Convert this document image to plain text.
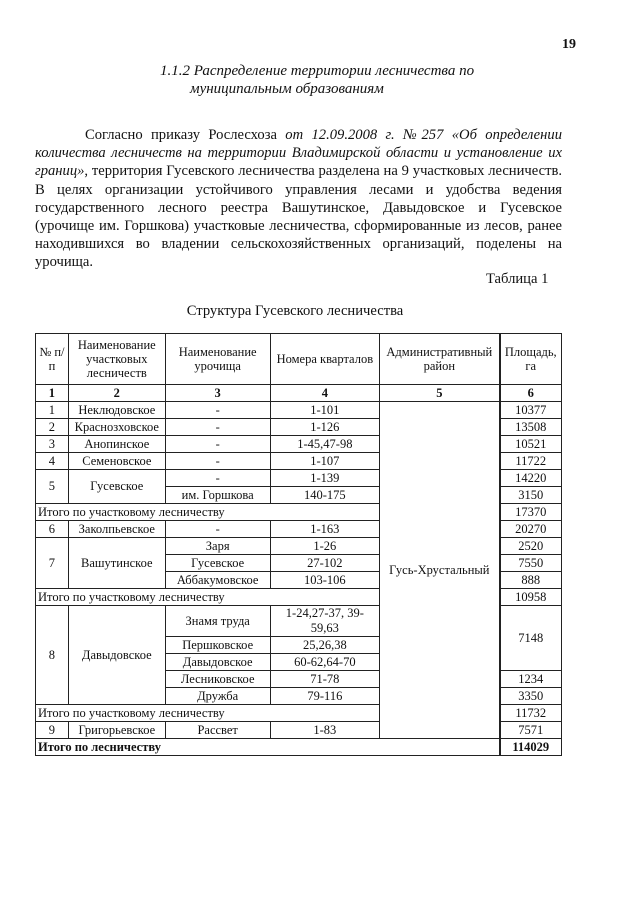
19
1.1.2 Распределение территории лесничества по
муниципальным образованиям
Согласно приказу Рослесхоза от 12.09.2008 г. №257 «Об определении количества лесничеств на территории Владимирской области и установление их границ», территория Гусевского лесничества разделена на 9 участковых лесничеств. В целях организации устойчивого управления лесами и удобства ведения государственного лесного реестра Вашутинское, Давыдовское и Гусевское (урочище им. Горшкова) участковые лесничества, сформированные из лесов, ранее находившихся во владении сельскохозяйственных организаций, поделены на урочища.
Таблица 1
Структура Гусевского лесничества
№ п/п	Наименование участковых лесничеств	Наименование урочища	Номера кварталов	Административный район	Площадь, га
1	2	3	4	5	6
1	Неклюдовское	-	1-101	Гусь-Хрустальный	10377
2	Краснозховское	-	1-126		13508
3	Анопинское	-	1-45,47-98		10521
4	Семеновское	-	1-107		11722
5	Гусевское	-	1-139		14220
		им. Горшкова	140-175		3150
Итого по участковому лесничеству					17370
6	Заколпьевское	-	1-163		20270
7	Вашутинское	Заря	1-26		2520
		Гусевское	27-102		7550
		Аббакумовское	103-106		888
Итого по участковому лесничеству					10958
8	Давыдовское	Знамя труда	1-24,27-37, 39-59,63		7148
		Першковское	25,26,38		
		Давыдовское	60-62,64-70		
		Лесниковское	71-78		1234
		Дружба	79-116		3350
Итого по участковому лесничеству					11732
9	Григорьевское	Рассвет	1-83		7571
Итого по лесничеству					114029
